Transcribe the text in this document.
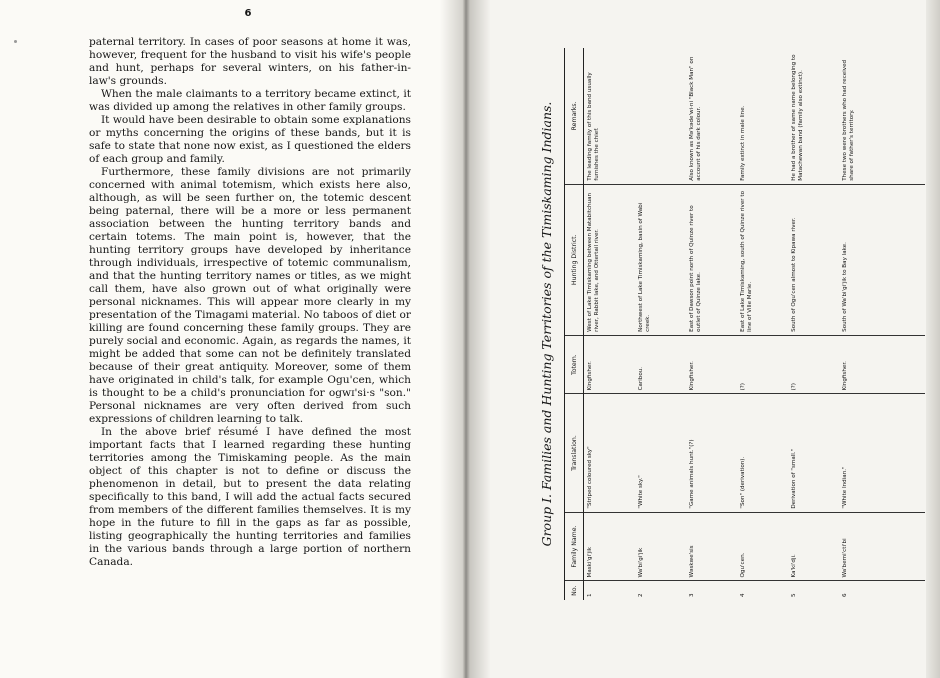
6

paternal territory. In cases of poor seasons at home it was, however, frequent for the husband to visit his wife's people and hunt, perhaps for several winters, on his father-in-law's grounds.

When the male claimants to a territory became extinct, it was divided up among the relatives in other family groups.

It would have been desirable to obtain some explanations or myths concerning the origins of these bands, but it is safe to state that none now exist, as I questioned the elders of each group and family.

Furthermore, these family divisions are not primarily concerned with animal totemism, which exists here also, although, as will be seen further on, the totemic descent being paternal, there will be a more or less permanent association between the hunting territory bands and certain totems. The main point is, however, that the hunting territory groups have developed by inheritance through individuals, irrespective of totemic communalism, and that the hunting territory names or titles, as we might call them, have also grown out of what originally were personal nicknames. This will appear more clearly in my presentation of the Timagami material. No taboos of diet or killing are found concerning these family groups. They are purely social and economic. Again, as regards the names, it might be added that some can not be definitely translated because of their great antiquity. Moreover, some of them have originated in child's talk, for example Ogu'cen, which is thought to be a child's pronunciation for ogwɪ'si·s "son." Personal nicknames are very often derived from such expressions of children learning to talk.

In the above brief résumé I have defined the most important facts that I learned regarding these hunting territories among the Timiskaming people. As the main object of this chapter is not to define or discuss the phenomenon in detail, but to present the data relating specifically to this band, I will add the actual facts secured from members of the different families themselves. It is my hope in the future to fill in the gaps as far as possible, listing geographically the hunting territories and families in the various bands through a large portion of northern Canada.

Group I. Families and Hunting Territories of the Timiskaming Indians.
No.	Family Name.	Translation.	Totem.	Hunting District.	Remarks.
1	Maski'gi'jik	"Striped coloured sky"	Kingfisher.	West of Lake Timiskaming between Matabitchuan river, Rabbit lake, and Ottertail river.	The leading family of this band usually furnishes the chief.
2	Wa'bi'gi'jik	"White sky."	Caribou.	Northwest of Lake Timiskaming, basin of Wabi creek.	
3	Wəskwe'sis	"Game animals hunt."(?)	Kingfisher.	East of Dawson point north of Quinze river to outlet of Quinze lake.	Also known as Mə'kəde'wi·ni "Black Man" on account of his dark colour.
4	Ogu'cen.	"Son" (derivation).	(?)	East of Lake Timiskaming, south of Quinze river to line of Ville Marie.	Family extinct in male line.
5	Ka'ki'dji.	Derivation of "small."	(?)	South of Ogu'cen almost to Kipawa river.	He had a brother of same name belonging to Matachewan band (family also extinct).
6	Wa'bemi'cti'bi	"White Indian."	Kingfisher.	South of Wa'bi'gi'jik to Bay lake.	These two were brothers who had received share of father's territory.
